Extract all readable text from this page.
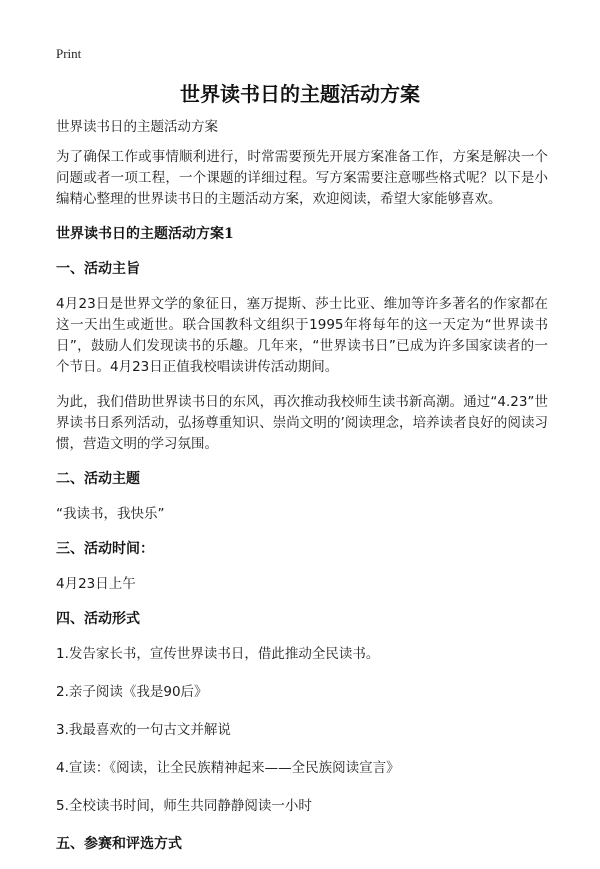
Print
世界读书日的主题活动方案

世界读书日的主题活动方案

为了确保工作或事情顺利进行，时常需要预先开展方案准备工作，方案是解决一个问题或者一项工程，一个课题的详细过程。写方案需要注意哪些格式呢？以下是小编精心整理的世界读书日的主题活动方案，欢迎阅读，希望大家能够喜欢。

世界读书日的主题活动方案1
一、活动主旨

4月23日是世界文学的象征日，塞万提斯、莎士比亚、维加等许多著名的作家都在这一天出生或逝世。联合国教科文组织于1995年将每年的这一天定为“世界读书日”，鼓励人们发现读书的乐趣。几年来，“世界读书日”已成为许多国家读者的一个节日。4月23日正值我校唱读讲传活动期间。

为此，我们借助世界读书日的东风，再次推动我校师生读书新高潮。通过“4.23”世界读书日系列活动，弘扬尊重知识、崇尚文明的’阅读理念，培养读者良好的阅读习惯，营造文明的学习氛围。

二、活动主题

“我读书，我快乐”

三、活动时间：

4月23日上午

四、活动形式
1.发告家长书，宣传世界读书日，借此推动全民读书。
2.亲子阅读《我是90后》
3.我最喜欢的一句古文并解说
4.宣读：《阅读，让全民族精神起来——全民族阅读宣言》
5.全校读书时间，师生共同静静阅读一小时
五、参赛和评选方式
